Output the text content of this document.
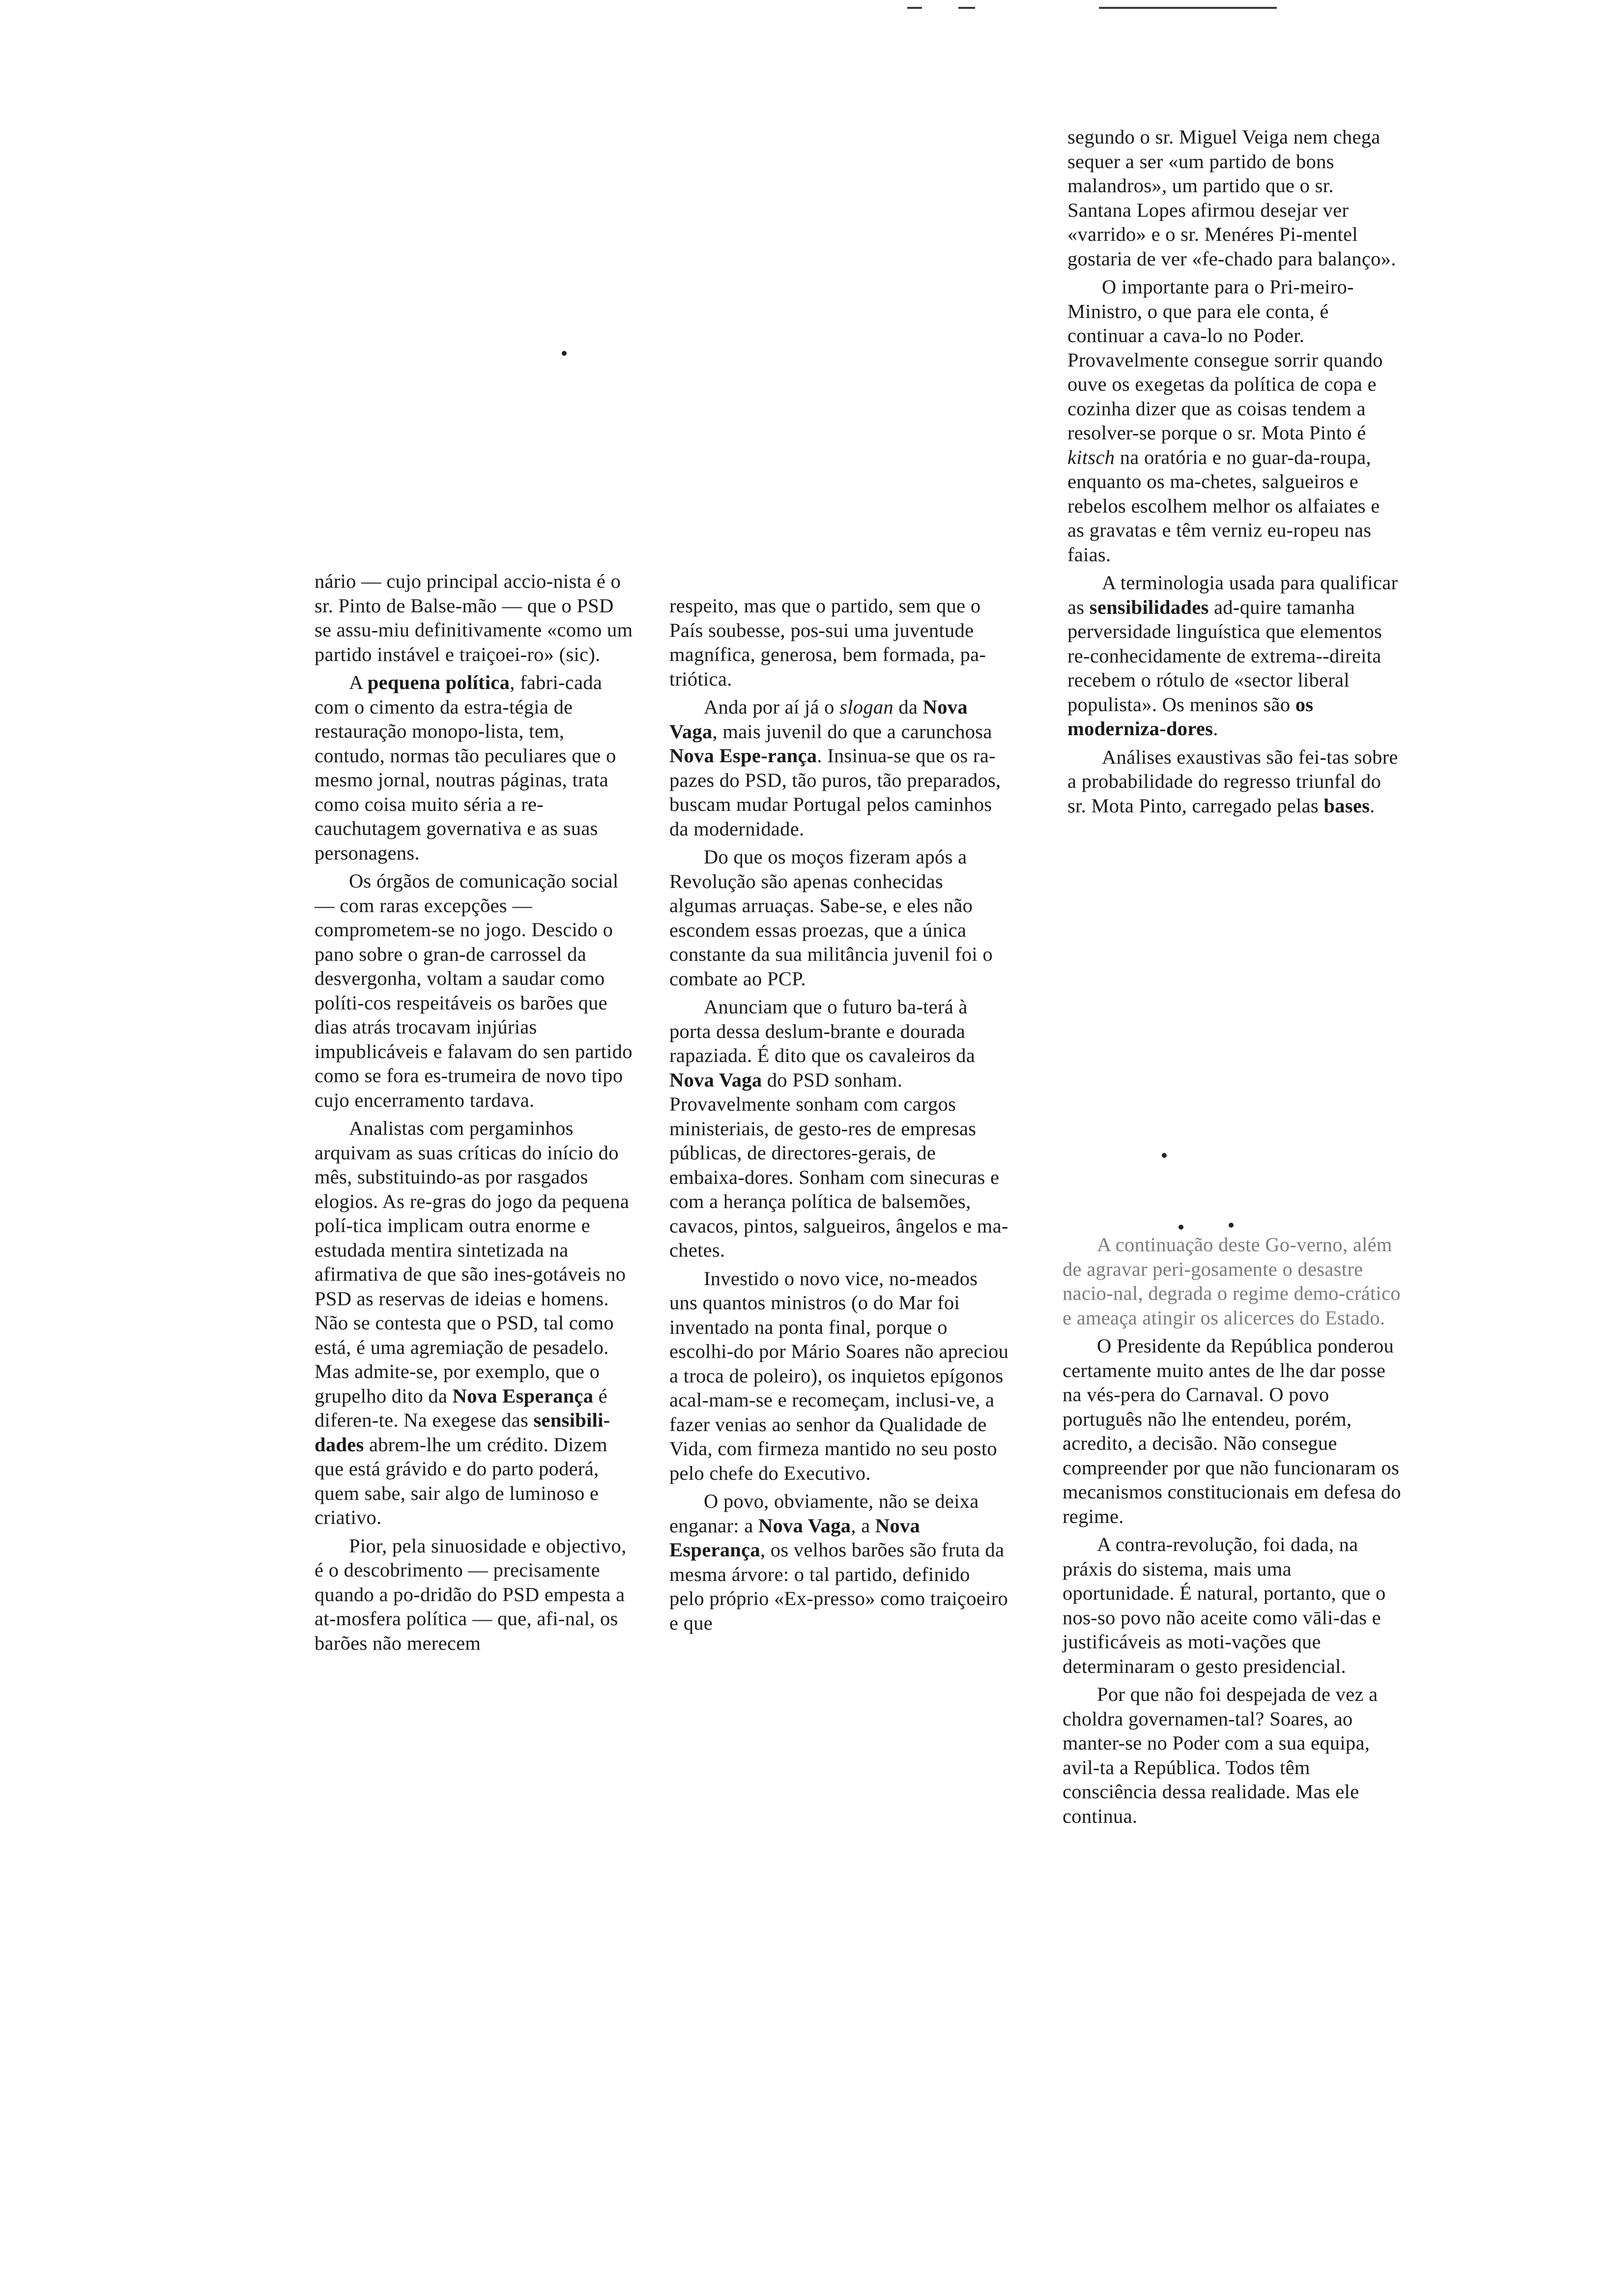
nário — cujo principal accio-nista é o sr. Pinto de Balse-mão — que o PSD se assu-miu definitivamente «como um partido instável e traiçoei-ro» (sic).

A pequena política, fabri-cada com o cimento da estra-tégia de restauração monopo-lista, tem, contudo, normas tão peculiares que o mesmo jornal, noutras páginas, trata como coisa muito séria a re-cauchutagem governativa e as suas personagens.

Os órgãos de comunicação social — com raras excepções — comprometem-se no jogo. Descido o pano sobre o gran-de carrossel da desvergonha, voltam a saudar como políti-cos respeitáveis os barões que dias atrás trocavam injúrias impublicáveis e falavam do sen partido como se fora es-trumeira de novo tipo cujo encerramento tardava.

Analistas com pergaminhos arquivam as suas críticas do início do mês, substituindo-as por rasgados elogios. As re-gras do jogo da pequena polí-tica implicam outra enorme e estudada mentira sintetizada na afirmativa de que são ines-gotáveis no PSD as reservas de ideias e homens. Não se contesta que o PSD, tal como está, é uma agremiação de pesadelo. Mas admite-se, por exemplo, que o grupelho dito da Nova Esperança é diferen-te. Na exegese das sensibili-dades abrem-lhe um crédito. Dizem que está grávido e do parto poderá, quem sabe, sair algo de luminoso e criativo.

Pior, pela sinuosidade e objectivo, é o descobrimento — precisamente quando a po-dridão do PSD empesta a at-mosfera política — que, afi-nal, os barões não merecem

respeito, mas que o partido, sem que o País soubesse, pos-sui uma juventude magnífica, generosa, bem formada, pa-triótica.

Anda por aí já o slogan da Nova Vaga, mais juvenil do que a carunchosa Nova Espe-rança. Insinua-se que os ra-pazes do PSD, tão puros, tão preparados, buscam mudar Portugal pelos caminhos da modernidade.

Do que os moços fizeram após a Revolução são apenas conhecidas algumas arruaças. Sabe-se, e eles não escondem essas proezas, que a única constante da sua militância juvenil foi o combate ao PCP.

Anunciam que o futuro ba-terá à porta dessa deslum-brante e dourada rapaziada. É dito que os cavaleiros da Nova Vaga do PSD sonham. Provavelmente sonham com cargos ministeriais, de gesto-res de empresas públicas, de directores-gerais, de embaixa-dores. Sonham com sinecuras e com a herança política de balsemões, cavacos, pintos, salgueiros, ângelos e ma-chetes.

Investido o novo vice, no-meados uns quantos ministros (o do Mar foi inventado na ponta final, porque o escolhi-do por Mário Soares não apreciou a troca de poleiro), os inquietos epígonos acal-mam-se e recomeçam, inclusi-ve, a fazer venias ao senhor da Qualidade de Vida, com firmeza mantido no seu posto pelo chefe do Executivo.

O povo, obviamente, não se deixa enganar: a Nova Vaga, a Nova Esperança, os velhos barões são fruta da mesma árvore: o tal partido, definido pelo próprio «Ex-presso» como traiçoeiro e que

segundo o sr. Miguel Veiga nem chega sequer a ser «um partido de bons malandros», um partido que o sr. Santana Lopes afirmou desejar ver «varrido» e o sr. Menéres Pi-mentel gostaria de ver «fe-chado para balanço».

O importante para o Pri-meiro-Ministro, o que para ele conta, é continuar a cava-lo no Poder. Provavelmente consegue sorrir quando ouve os exegetas da política de copa e cozinha dizer que as coisas tendem a resolver-se porque o sr. Mota Pinto é kitsch na oratória e no guar-da-roupa, enquanto os ma-chetes, salgueiros e rebelos escolhem melhor os alfaiates e as gravatas e têm verniz eu-ropeu nas faias.

A terminologia usada para qualificar as sensibilidades ad-quire tamanha perversidade linguística que elementos re-conhecidamente de extrema--direita recebem o rótulo de «sector liberal populista». Os meninos são os moderniza-dores.

Análises exaustivas são fei-tas sobre a probabilidade do regresso triunfal do sr. Mota Pinto, carregado pelas bases.

A continuação deste Go-verno, além de agravar peri-gosamente o desastre nacio-nal, degrada o regime demo-crático e ameaça atingir os alicerces do Estado.

O Presidente da República ponderou certamente muito antes de lhe dar posse na vés-pera do Carnaval. O povo português não lhe entendeu, porém, acredito, a decisão. Não consegue compreender por que não funcionaram os mecanismos constitucionais em defesa do regime.

A contra-revolução, foi dada, na práxis do sistema, mais uma oportunidade. É natural, portanto, que o nos-so povo não aceite como vāli-das e justificáveis as moti-vações que determinaram o gesto presidencial.

Por que não foi despejada de vez a choldra governamen-tal? Soares, ao manter-se no Poder com a sua equipa, avil-ta a República. Todos têm consciência dessa realidade. Mas ele continua.
